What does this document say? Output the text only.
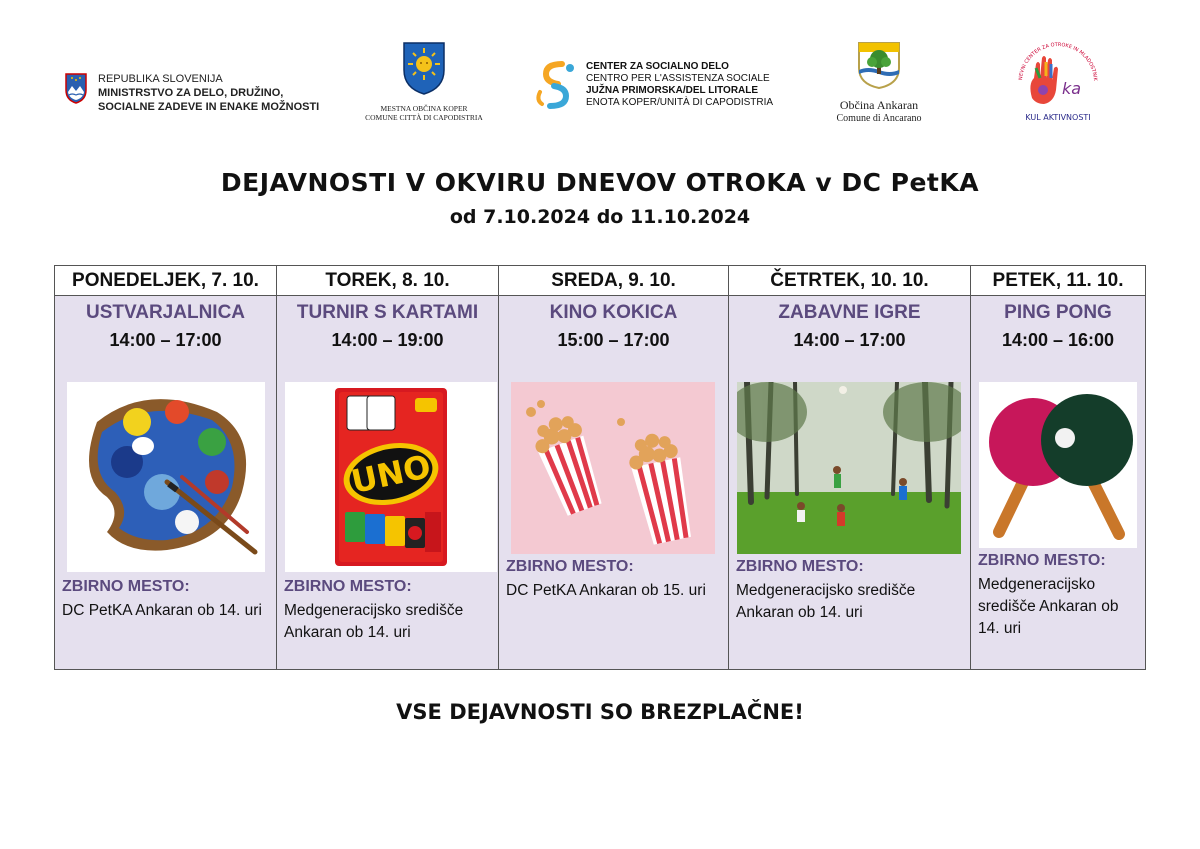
REPUBLIKA SLOVENIJA
MINISTRSTVO ZA DELO, DRUŽINO,
SOCIALNE ZADEVE IN ENAKE MOŽNOSTI	MESTNA OBČINA KOPER
COMUNE CITTÀ DI CAPODISTRIA
CENTER ZA SOCIALNO DELO
CENTRO PER L'ASSISTENZA SOCIALE
JUŽNA PRIMORSKA/DEL LITORALE
ENOTA KOPER/UNITÀ DI CAPODISTRIA	Občina Ankaran
Comune di Ancarano
NEVNI CENTER ZA OTROKE IN MLADOSTNIK
ka
KUL AKTIVNOSTI
DEJAVNOSTI V OKVIRU DNEVOV OTROKA v DC PetKA
od 7.10.2024 do 11.10.2024
PONEDELJEK, 7. 10.
USTVARJALNICA
14:00 – 17:00
ZBIRNO MESTO:
DC PetKA Ankaran ob 14. uri
TOREK, 8. 10.
TURNIR S KARTAMI
14:00 – 19:00
UNO
ZBIRNO MESTO:
Medgeneracijsko središče Ankaran ob 14. uri
SREDA, 9. 10.
KINO KOKICA
15:00 – 17:00
ZBIRNO MESTO:
DC PetKA Ankaran ob 15. uri
ČETRTEK, 10. 10.
ZABAVNE IGRE
14:00 – 17:00
ZBIRNO MESTO:
Medgeneracijsko središče Ankaran ob 14. uri
PETEK, 11. 10.
PING PONG
14:00 – 16:00
ZBIRNO MESTO:
Medgeneracijsko središče Ankaran ob 14. uri
VSE DEJAVNOSTI SO BREZPLAČNE!
